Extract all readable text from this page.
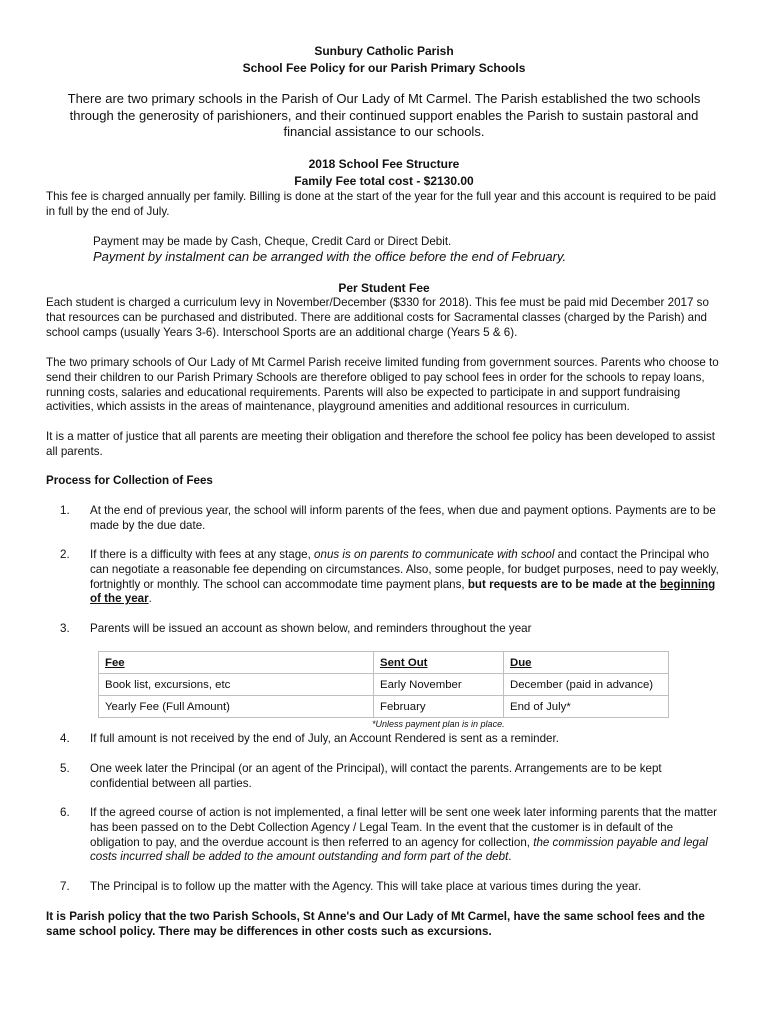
Sunbury Catholic Parish
School Fee Policy for our Parish Primary Schools
There are two primary schools in the Parish of Our Lady of Mt Carmel. The Parish established the two schools through the generosity of parishioners, and their continued support enables the Parish to sustain pastoral and financial assistance to our schools.
2018 School Fee Structure
Family Fee total cost - $2130.00
This fee is charged annually per family. Billing is done at the start of the year for the full year and this account is required to be paid in full by the end of July.
Payment may be made by Cash, Cheque, Credit Card or Direct Debit.
Payment by instalment can be arranged with the office before the end of February.
Per Student Fee
Each student is charged a curriculum levy in November/December ($330 for 2018). This fee must be paid mid December 2017 so that resources can be purchased and distributed. There are additional costs for Sacramental classes (charged by the Parish) and school camps (usually Years 3-6). Interschool Sports are an additional charge (Years 5 & 6).
The two primary schools of Our Lady of Mt Carmel Parish receive limited funding from government sources. Parents who choose to send their children to our Parish Primary Schools are therefore obliged to pay school fees in order for the schools to repay loans, running costs, salaries and educational requirements. Parents will also be expected to participate in and support fundraising activities, which assists in the areas of maintenance, playground amenities and additional resources in curriculum.
It is a matter of justice that all parents are meeting their obligation and therefore the school fee policy has been developed to assist all parents.
Process for Collection of Fees
1. At the end of previous year, the school will inform parents of the fees, when due and payment options. Payments are to be made by the due date.
2. If there is a difficulty with fees at any stage, onus is on parents to communicate with school and contact the Principal who can negotiate a reasonable fee depending on circumstances. Also, some people, for budget purposes, need to pay weekly, fortnightly or monthly. The school can accommodate time payment plans, but requests are to be made at the beginning of the year.
3. Parents will be issued an account as shown below, and reminders throughout the year
Fee	Sent Out	Due
Book list, excursions, etc	Early November	December (paid in advance)
Yearly Fee (Full Amount)	February	End of July*
*Unless payment plan is in place.
4. If full amount is not received by the end of July, an Account Rendered is sent as a reminder.
5. One week later the Principal (or an agent of the Principal), will contact the parents. Arrangements are to be kept confidential between all parties.
6. If the agreed course of action is not implemented, a final letter will be sent one week later informing parents that the matter has been passed on to the Debt Collection Agency / Legal Team. In the event that the customer is in default of the obligation to pay, and the overdue account is then referred to an agency for collection, the commission payable and legal costs incurred shall be added to the amount outstanding and form part of the debt.
7. The Principal is to follow up the matter with the Agency. This will take place at various times during the year.
It is Parish policy that the two Parish Schools, St Anne's and Our Lady of Mt Carmel, have the same school fees and the same school policy. There may be differences in other costs such as excursions.
